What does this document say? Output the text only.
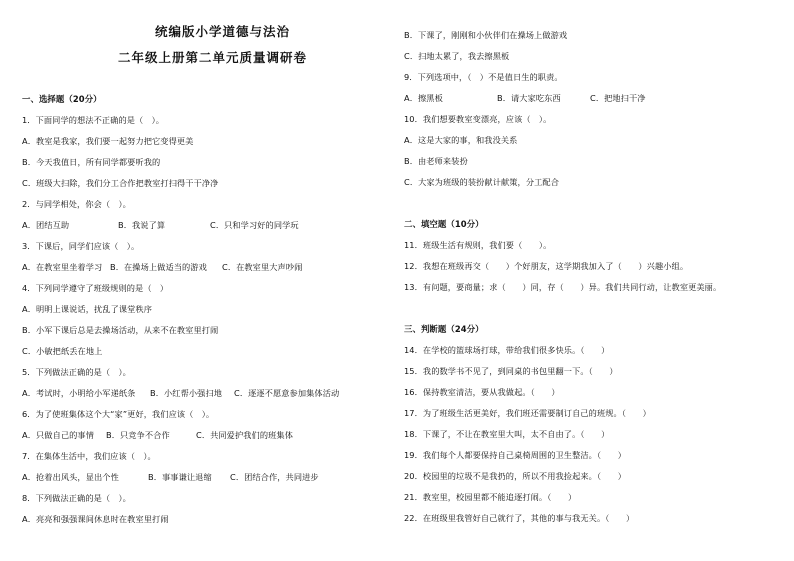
统编版小学道德与法治
二年级上册第二单元质量调研卷
一、选择题（20分）
1．下面同学的想法不正确的是（　）。
A．教室是我家，我们要一起努力把它变得更美
B．今天我值日，所有同学都要听我的
C．班级大扫除，我们分工合作把教室打扫得干干净净
2．与同学相处，你会（　）。
A．团结互助	B．我说了算	C．只和学习好的同学玩
3．下课后，同学们应该（　）。
A．在教室里坐着学习 B．在操场上做适当的游戏 C．在教室里大声吵闹
4．下列同学遵守了班级规则的是（　）
A．明明上课说话，扰乱了课堂秩序
B．小军下课后总是去操场活动，从来不在教室里打闹
C．小敏把纸丢在地上
5．下列做法正确的是（　）。
A．考试时，小明给小军递纸条 B．小红帮小强扫地 C．逐逐不愿意参加集体活动
6．为了使班集体这个大“家”更好，我们应该（　）。
A．只做自己的事情 B．只竞争不合作	C．共同爱护我们的班集体
7．在集体生活中，我们应该（　）。
A．抢着出风头，显出个性	B．事事谦让退缩 C．团结合作，共同进步
8．下列做法正确的是（　）。
A．亮亮和强强课间休息时在教室里打闹
B．下课了，刚刚和小伙伴们在操场上做游戏
C．扫地太累了，我去擦黑板
9．下列选项中，（　）不是值日生的职责。
A．擦黑板	B．请大家吃东西	C．把地扫干净
10．我们想要教室变漂亮，应该（　）。
A．这是大家的事，和我没关系
B．由老师来装扮
C．大家为班级的装扮献计献策，分工配合
二、填空题（10分）
11．班级生活有规则，我们要（　　）。
12．我想在班级再交（　　）个好朋友，这学期我加入了（　　）兴趣小组。
13．有问题，要商量；求（　　）同，存（　　）异。我们共同行动，让教室更美丽。
三、判断题（24分）
14．在学校的篮球场打球，带给我们很多快乐。（　　）
15．我的数学书不见了，到同桌的书包里翻一下。（　　）
16．保持教室清洁，要从我做起。（　　）
17．为了班级生活更美好，我们班还需要制订自己的班规。（　　）
18．下课了，不让在教室里大叫，太不自由了。（　　）
19．我们每个人都要保持自己桌椅周围的卫生整洁。（　　）
20．校园里的垃圾不是我扔的，所以不用我捡起来。（　　）
21．教室里，校园里都不能追逐打闹。（　　）
22．在班级里我管好自己就行了，其他的事与我无关。（　　）
